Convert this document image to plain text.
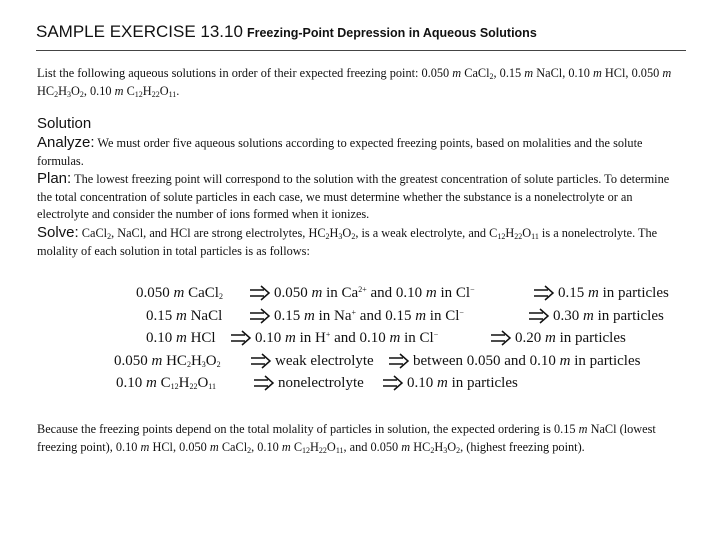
SAMPLE EXERCISE 13.10 Freezing-Point Depression in Aqueous Solutions
List the following aqueous solutions in order of their expected freezing point: 0.050 m CaCl$_2$, 0.15 m NaCl, 0.10 m HCl, 0.050 m $HC_2H_3O_2$, 0.10 m $C_{12}H_{22}O_{11}$.
Solution
Analyze: We must order five aqueous solutions according to expected freezing points, based on molalities and the solute formulas.
Plan: The lowest freezing point will correspond to the solution with the greatest concentration of solute particles. To determine the total concentration of solute particles in each case, we must determine whether the substance is a nonelectrolyte or an electrolyte and consider the number of ions formed when it ionizes.
Solve: CaCl$_2$, NaCl, and HCl are strong electrolytes, $HC_2H_3O_2$, is a weak electrolyte, and $C_{12}H_{22}O_{11}$ is a nonelectrolyte. The molality of each solution in total particles is as follows:
0.050 m CaCl$_2$	0.050 m in $Ca^{2+}$ and 0.10 m in Cl−	0.15 m in particles
0.15 m NaCl	0.15 m in Na+ and 0.15 m in Cl−	0.30 m in particles
0.10 m HCl	0.10 m in H+ and 0.10 m in Cl−	0.20 m in particles
0.050 m $HC_2H_3O_2$	weak electrolyte	between 0.050 and 0.10 m in particles
0.10 m $C_{12}H_{22}O_{11}$	nonelectrolyte	0.10 m in particles
Because the freezing points depend on the total molality of particles in solution, the expected ordering is 0.15 m NaCl (lowest freezing point), 0.10 m HCl, 0.050 m CaCl$_2$, 0.10 m $C_{12}H_{22}O_{11}$, and 0.050 m $HC_2H_3O_2$, (highest freezing point).
